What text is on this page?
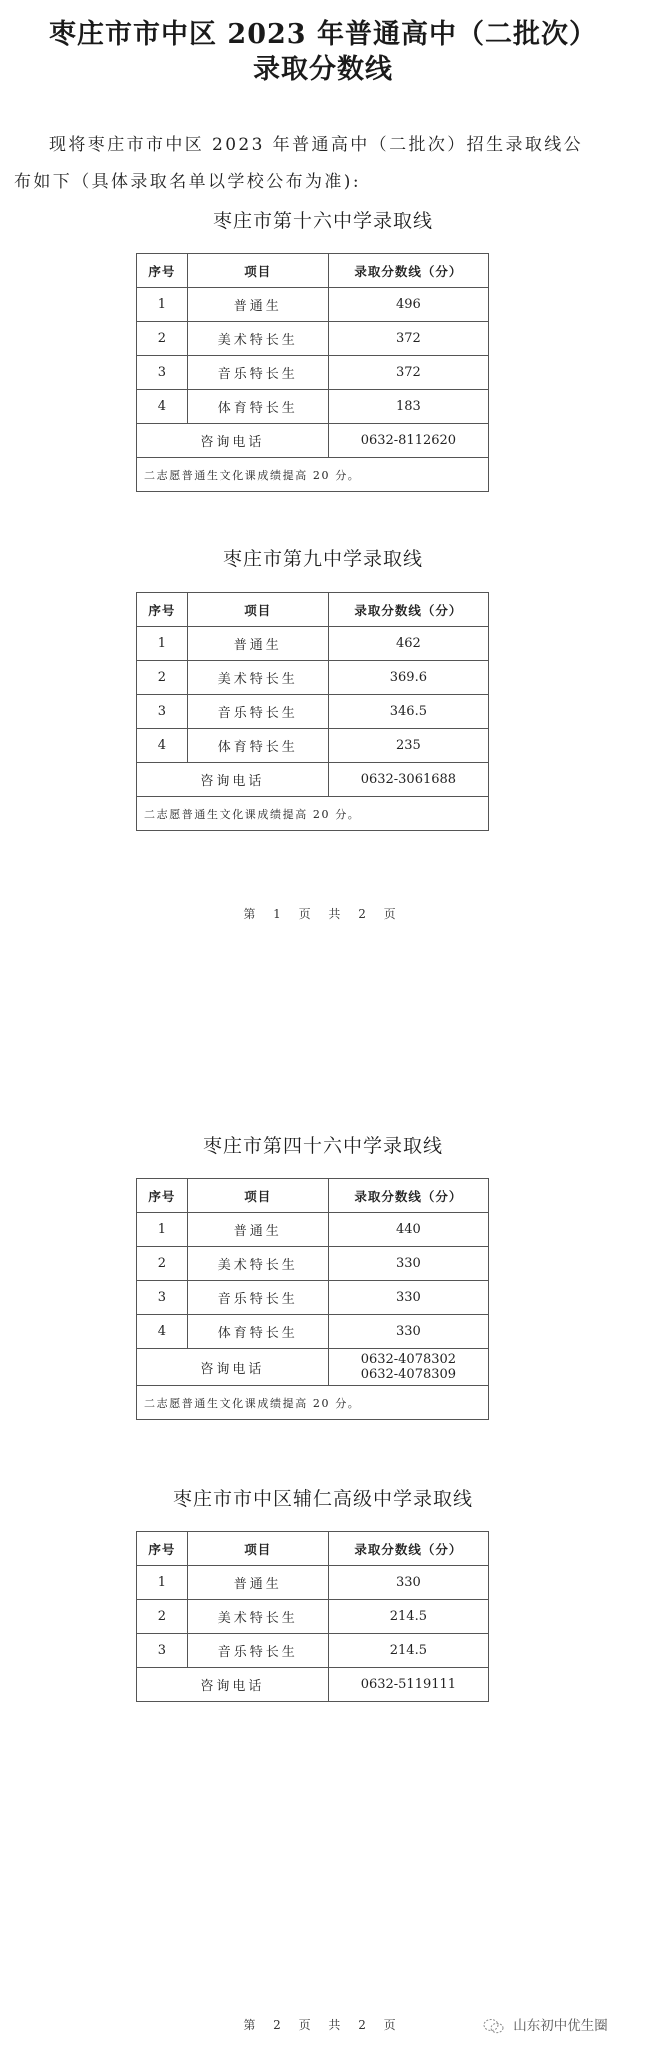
枣庄市市中区 2023 年普通高中（二批次）
录取分数线
现将枣庄市市中区 2023 年普通高中（二批次）招生录取线公
布如下（具体录取名单以学校公布为准):
枣庄市第十六中学录取线
序号	项目	录取分数线（分）
1	普通生	496
2	美术特长生	372
3	音乐特长生	372
4	体育特长生	183
咨询电话		0632-8112620
二志愿普通生文化课成绩提高 20 分。		
枣庄市第九中学录取线
序号	项目	录取分数线（分）
1	普通生	462
2	美术特长生	369.6
3	音乐特长生	346.5
4	体育特长生	235
咨询电话		0632-3061688
二志愿普通生文化课成绩提高 20 分。		
第 1 页 共 2 页
枣庄市第四十六中学录取线
序号	项目	录取分数线（分）
1	普通生	440
2	美术特长生	330
3	音乐特长生	330
4	体育特长生	330
咨询电话		0632-4078302
0632-4078309

二志愿普通生文化课成绩提高 20 分。		
枣庄市市中区辅仁高级中学录取线
序号	项目	录取分数线（分）
1	普通生	330
2	美术特长生	214.5
3	音乐特长生	214.5
咨询电话		0632-5119111
第 2 页 共 2 页	山东初中优生圈
